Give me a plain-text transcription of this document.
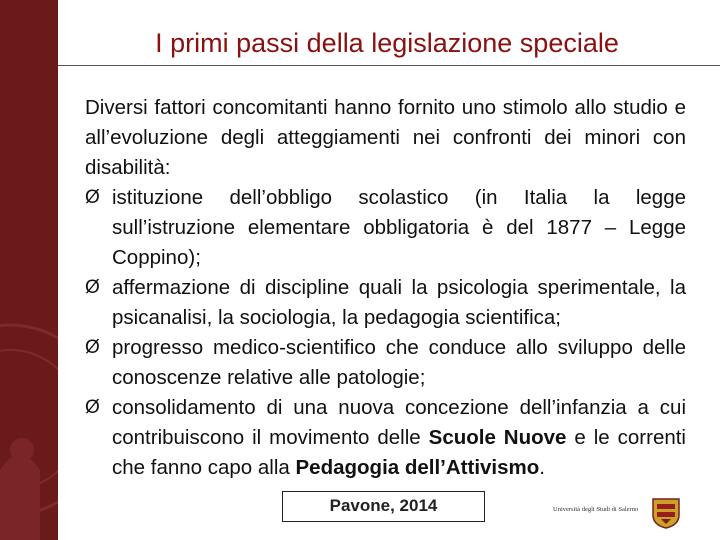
I primi passi della legislazione speciale

Diversi fattori concomitanti hanno fornito uno stimolo allo studio e all’evoluzione degli atteggiamenti nei confronti dei minori con disabilità:

Ø istituzione dell’obbligo scolastico (in Italia la legge sull’istruzione elementare obbligatoria è del 1877 – Legge Coppino);
Ø affermazione di discipline quali la psicologia sperimentale, la psicanalisi, la sociologia, la pedagogia scientifica;
Ø progresso medico-scientifico che conduce allo sviluppo delle conoscenze relative alle patologie;
Ø consolidamento di una nuova concezione dell’infanzia a cui contribuiscono il movimento delle Scuole Nuove e le correnti che fanno capo alla Pedagogia dell’Attivismo.
Pavone, 2014	Università degli Studi di Salerno
